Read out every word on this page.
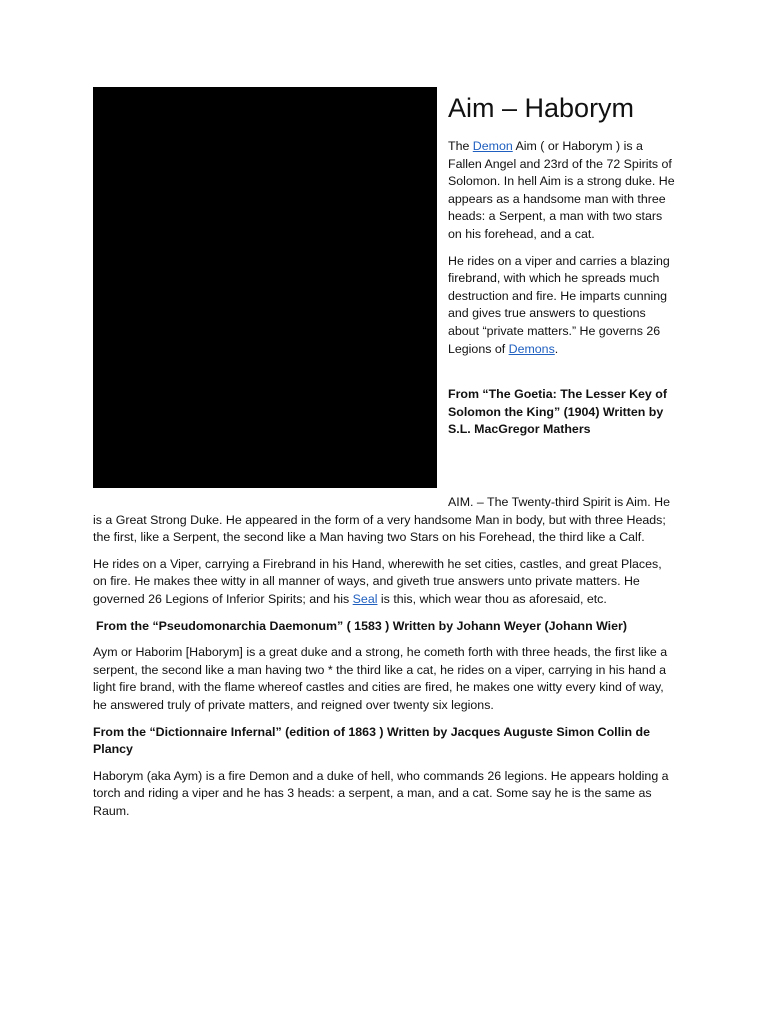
Aim – Haborym

The Demon Aim ( or Haborym ) is a Fallen Angel and 23rd of the 72 Spirits of Solomon. In hell Aim is a strong duke. He appears as a handsome man with three heads: a Serpent, a man with two stars on his forehead, and a cat.

He rides on a viper and carries a blazing firebrand, with which he spreads much destruction and fire. He imparts cunning and gives true answers to questions about “private matters.” He governs 26 Legions of Demons.

From “The Goetia: The Lesser Key of Solomon the King” (1904) Written by S.L. MacGregor Mathers

AIM. – The Twenty-third Spirit is Aim. He is a Great Strong Duke. He appeared in the form of a very handsome Man in body, but with three Heads; the first, like a Serpent, the second like a Man having two Stars on his Forehead, the third like a Calf.

He rides on a Viper, carrying a Firebrand in his Hand, wherewith he set cities, castles, and great Places, on fire. He makes thee witty in all manner of ways, and giveth true answers unto private matters. He governed 26 Legions of Inferior Spirits; and his Seal is this, which wear thou as aforesaid, etc.

From the “Pseudomonarchia Daemonum” ( 1583 ) Written by Johann Weyer (Johann Wier)

Aym or Haborim [Haborym] is a great duke and a strong, he cometh forth with three heads, the first like a serpent, the second like a man having two * the third like a cat, he rides on a viper, carrying in his hand a light fire brand, with the flame whereof castles and cities are fired, he makes one witty every kind of way, he answered truly of private matters, and reigned over twenty six legions.

From the “Dictionnaire Infernal” (edition of 1863 ) Written by Jacques Auguste Simon Collin de Plancy

Haborym (aka Aym) is a fire Demon and a duke of hell, who commands 26 legions. He appears holding a torch and riding a viper and he has 3 heads: a serpent, a man, and a cat. Some say he is the same as Raum.
